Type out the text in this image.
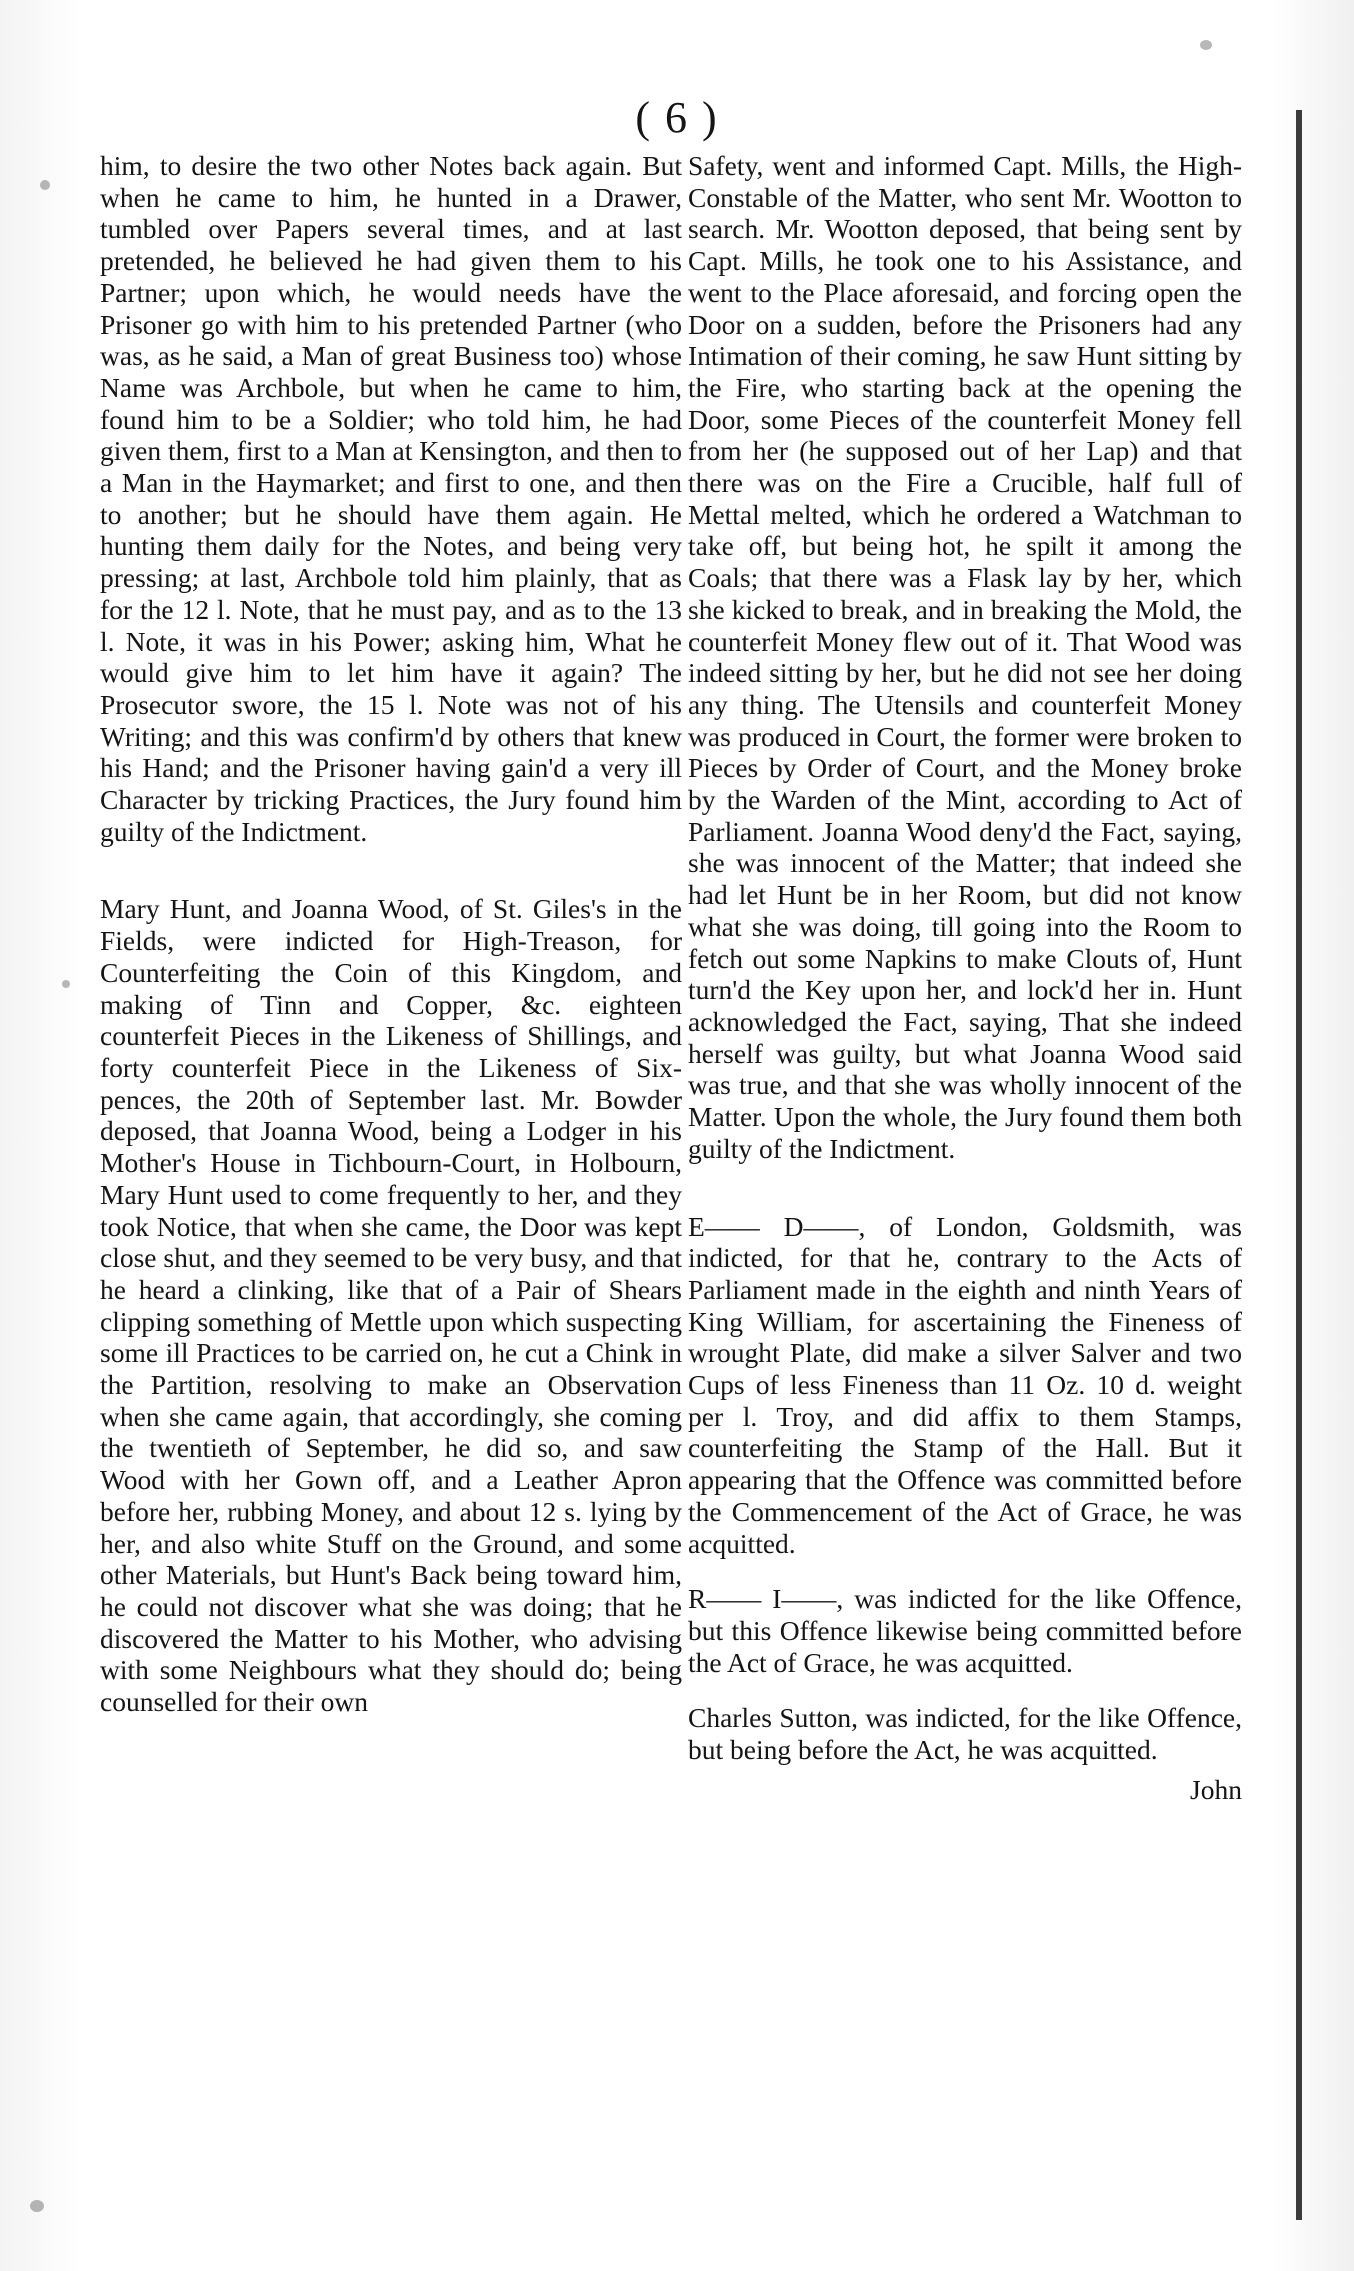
( 6 )

him, to desire the two other Notes back again. But when he came to him, he hunted in a Drawer, tumbled over Papers several times, and at last pretended, he believed he had given them to his Partner; upon which, he would needs have the Prisoner go with him to his pretended Partner (who was, as he said, a Man of great Business too) whose Name was Archbole, but when he came to him, found him to be a Soldier; who told him, he had given them, first to a Man at Kensington, and then to a Man in the Haymarket; and first to one, and then to another; but he should have them again. He hunting them daily for the Notes, and being very pressing; at last, Archbole told him plainly, that as for the 12 l. Note, that he must pay, and as to the 13 l. Note, it was in his Power; asking him, What he would give him to let him have it again? The Prosecutor swore, the 15 l. Note was not of his Writing; and this was confirm'd by others that knew his Hand; and the Prisoner having gain'd a very ill Character by tricking Practices, the Jury found him guilty of the Indictment.

Mary Hunt, and Joanna Wood, of St. Giles's in the Fields, were indicted for High-Treason, for Counterfeiting the Coin of this Kingdom, and making of Tinn and Copper, &c. eighteen counterfeit Pieces in the Likeness of Shillings, and forty counterfeit Piece in the Likeness of Six-pences, the 20th of September last. Mr. Bowder deposed, that Joanna Wood, being a Lodger in his Mother's House in Tichbourn-Court, in Holbourn, Mary Hunt used to come frequently to her, and they took Notice, that when she came, the Door was kept close shut, and they seemed to be very busy, and that he heard a clinking, like that of a Pair of Shears clipping something of Mettle upon which suspecting some ill Practices to be carried on, he cut a Chink in the Partition, resolving to make an Observation when she came again, that accordingly, she coming the twentieth of September, he did so, and saw Wood with her Gown off, and a Leather Apron before her, rubbing Money, and about 12 s. lying by her, and also white Stuff on the Ground, and some other Materials, but Hunt's Back being toward him, he could not discover what she was doing; that he discovered the Matter to his Mother, who advising with some Neighbours what they should do; being counselled for their own

Safety, went and informed Capt. Mills, the High-Constable of the Matter, who sent Mr. Wootton to search. Mr. Wootton deposed, that being sent by Capt. Mills, he took one to his Assistance, and went to the Place aforesaid, and forcing open the Door on a sudden, before the Prisoners had any Intimation of their coming, he saw Hunt sitting by the Fire, who starting back at the opening the Door, some Pieces of the counterfeit Money fell from her (he supposed out of her Lap) and that there was on the Fire a Crucible, half full of Mettal melted, which he ordered a Watchman to take off, but being hot, he spilt it among the Coals; that there was a Flask lay by her, which she kicked to break, and in breaking the Mold, the counterfeit Money flew out of it. That Wood was indeed sitting by her, but he did not see her doing any thing. The Utensils and counterfeit Money was produced in Court, the former were broken to Pieces by Order of Court, and the Money broke by the Warden of the Mint, according to Act of Parliament. Joanna Wood deny'd the Fact, saying, she was innocent of the Matter; that indeed she had let Hunt be in her Room, but did not know what she was doing, till going into the Room to fetch out some Napkins to make Clouts of, Hunt turn'd the Key upon her, and lock'd her in. Hunt acknowledged the Fact, saying, That she indeed herself was guilty, but what Joanna Wood said was true, and that she was wholly innocent of the Matter. Upon the whole, the Jury found them both guilty of the Indictment.

E—— D——, of London, Goldsmith, was indicted, for that he, contrary to the Acts of Parliament made in the eighth and ninth Years of King William, for ascertaining the Fineness of wrought Plate, did make a silver Salver and two Cups of less Fineness than 11 Oz. 10 d. weight per l. Troy, and did affix to them Stamps, counterfeiting the Stamp of the Hall. But it appearing that the Offence was committed before the Commencement of the Act of Grace, he was acquitted.

R—— I——, was indicted for the like Offence, but this Offence likewise being committed before the Act of Grace, he was acquitted.

Charles Sutton, was indicted, for the like Offence, but being before the Act, he was acquitted.

John
